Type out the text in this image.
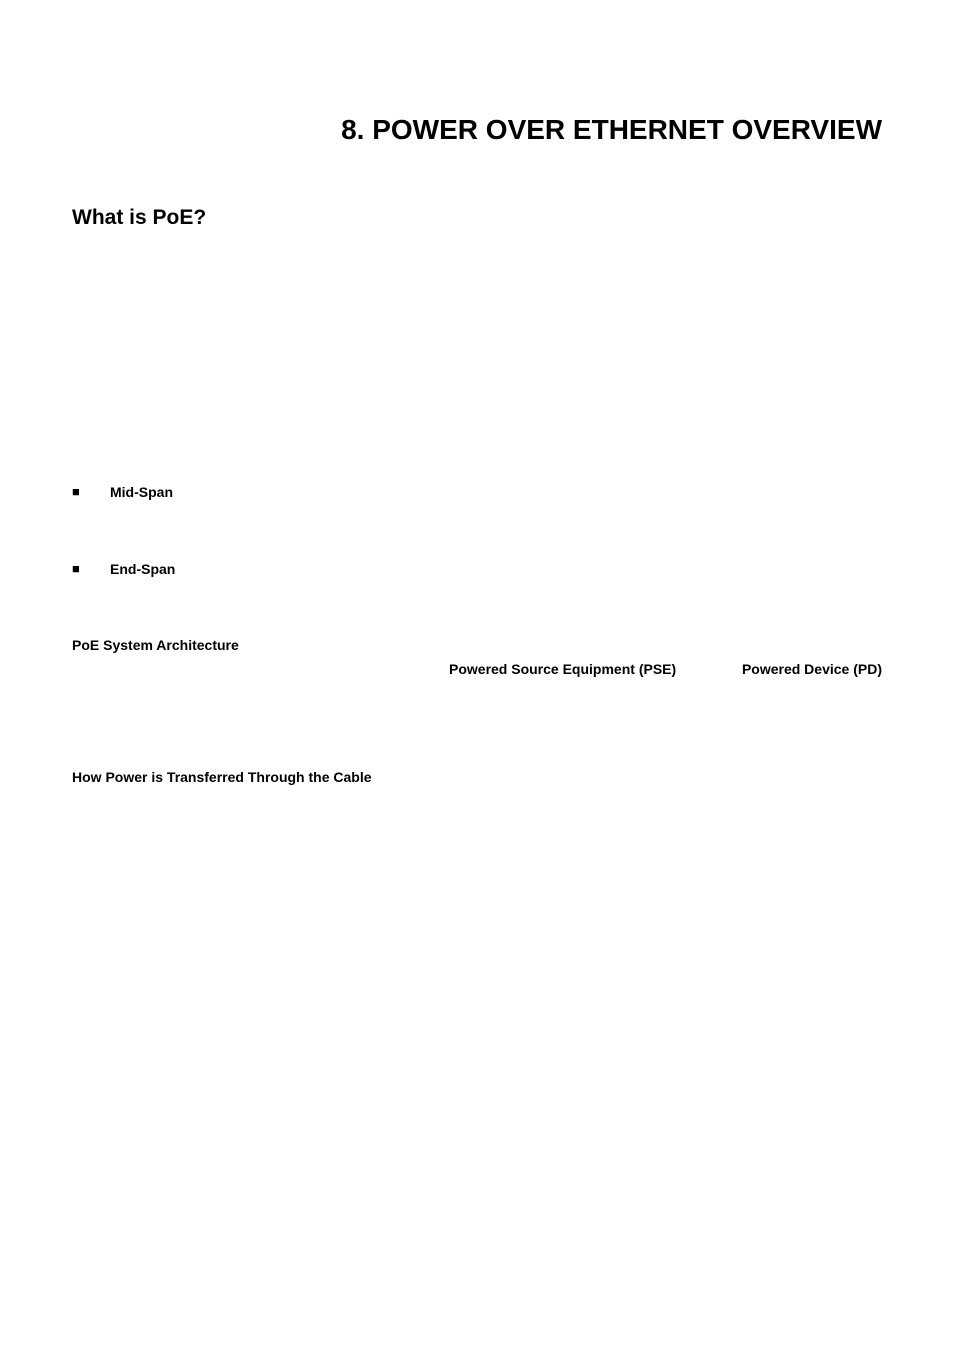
8. POWER OVER ETHERNET OVERVIEW
What is PoE?
■ Mid-Span
■ End-Span
PoE System Architecture
Powered Source Equipment (PSE)	Powered Device (PD)
How Power is Transferred Through the Cable
